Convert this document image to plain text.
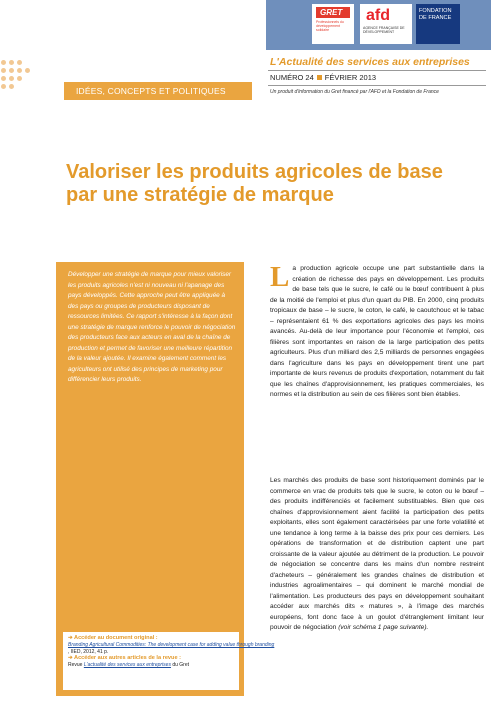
GRET
Professionnels du développement solidaire
afd
AGENCE FRANÇAISE DE DÉVELOPPEMENT
FONDATION DE FRANCE
L'Actualité des services aux entreprises
NUMÉRO 24 FÉVRIER 2013
Un produit d'information du Gret financé par l'AFD et la Fondation de France
IDÉES, CONCEPTS ET POLITIQUES
Valoriser les produits agricoles de base par une stratégie de marque

Développer une stratégie de marque pour mieux valoriser les produits agricoles n'est ni nouveau ni l'apanage des pays développés. Cette approche peut être appliquée à des pays ou groupes de producteurs disposant de ressources limitées. Ce rapport s'intéresse à la façon dont une stratégie de marque renforce le pouvoir de négociation des producteurs face aux acteurs en aval de la chaîne de production et permet de favoriser une meilleure répartition de la valeur ajoutée. Il examine également comment les agriculteurs ont utilisé des principes de marketing pour différencier leurs produits.

➔ Accéder au document original :
Branding Agricultural Commodities: The development case for adding value through branding
, IIED, 2012, 41 p.
➔ Accéder aux autres articles de la revue :
Revue L'actualité des services aux entreprises du Gret

La production agricole occupe une part substantielle dans la création de richesse des pays en développement. Les produits de base tels que le sucre, le café ou le bœuf contribuent à plus de la moitié de l'emploi et plus d'un quart du PIB. En 2000, cinq produits tropicaux de base – le sucre, le coton, le café, le caoutchouc et le tabac – représentaient 61 % des exportations agricoles des pays les moins avancés. Au-delà de leur importance pour l'économie et l'emploi, ces filières sont importantes en raison de la large participation des petits agriculteurs. Plus d'un milliard des 2,5 milliards de personnes engagées dans l'agriculture dans les pays en développement tirent une part importante de leurs revenus de produits d'exportation, notamment du fait que les chaînes d'approvisionnement, les pratiques commerciales, les normes et la distribution au sein de ces filières sont bien établies.

Les marchés des produits de base sont historiquement dominés par le commerce en vrac de produits tels que le sucre, le coton ou le bœuf – des produits indifférenciés et facilement substituables. Bien que ces chaînes d'approvisionnement aient facilité la participation des petits exploitants, elles sont également caractérisées par une forte volatilité et une tendance à long terme à la baisse des prix pour ces derniers. Les opérations de transformation et de distribution captent une part croissante de la valeur ajoutée au détriment de la production. Le pouvoir de négociation se concentre dans les mains d'un nombre restreint d'acheteurs – généralement les grandes chaînes de distribution et industries agroalimentaires – qui dominent le marché mondial de l'alimentation. Les producteurs des pays en développement souhaitant accéder aux marchés dits « matures », à l'image des marchés européens, font donc face à un goulot d'étranglement limitant leur pouvoir de négociation (voir schéma 1 page suivante).
